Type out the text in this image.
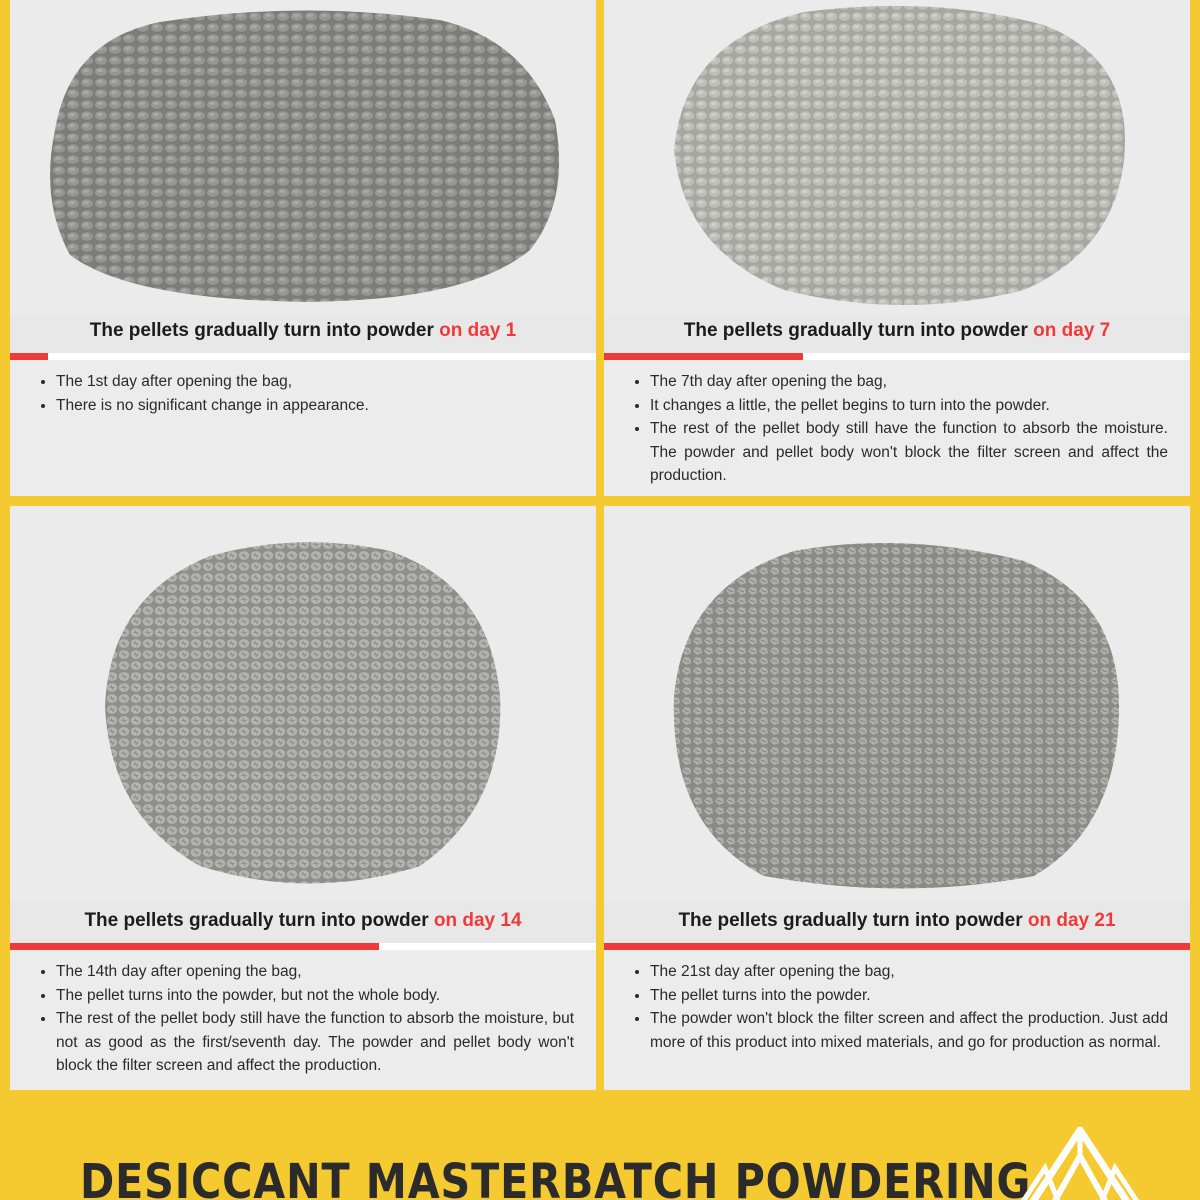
The pellets gradually turn into powder on day 1
• The 1st day after opening the bag,
• There is no significant change in appearance.
The pellets gradually turn into powder on day 7
• The 7th day after opening the bag,
• It changes a little, the pellet begins to turn into the powder.
• The rest of the pellet body still have the function to absorb the moisture. The powder and pellet body won't block the filter screen and affect the production.
The pellets gradually turn into powder on day 14
• The 14th day after opening the bag,
• The pellet turns into the powder, but not the whole body.
• The rest of the pellet body still have the function to absorb the moisture, but not as good as the first/seventh day. The powder and pellet body won't block the filter screen and affect the production.
The pellets gradually turn into powder on day 21
• The 21st day after opening the bag,
• The pellet turns into the powder.
• The powder won't block the filter screen and affect the production. Just add more of this product into mixed materials, and go for production as normal.
DESICCANT MASTERBATCH POWDERING
